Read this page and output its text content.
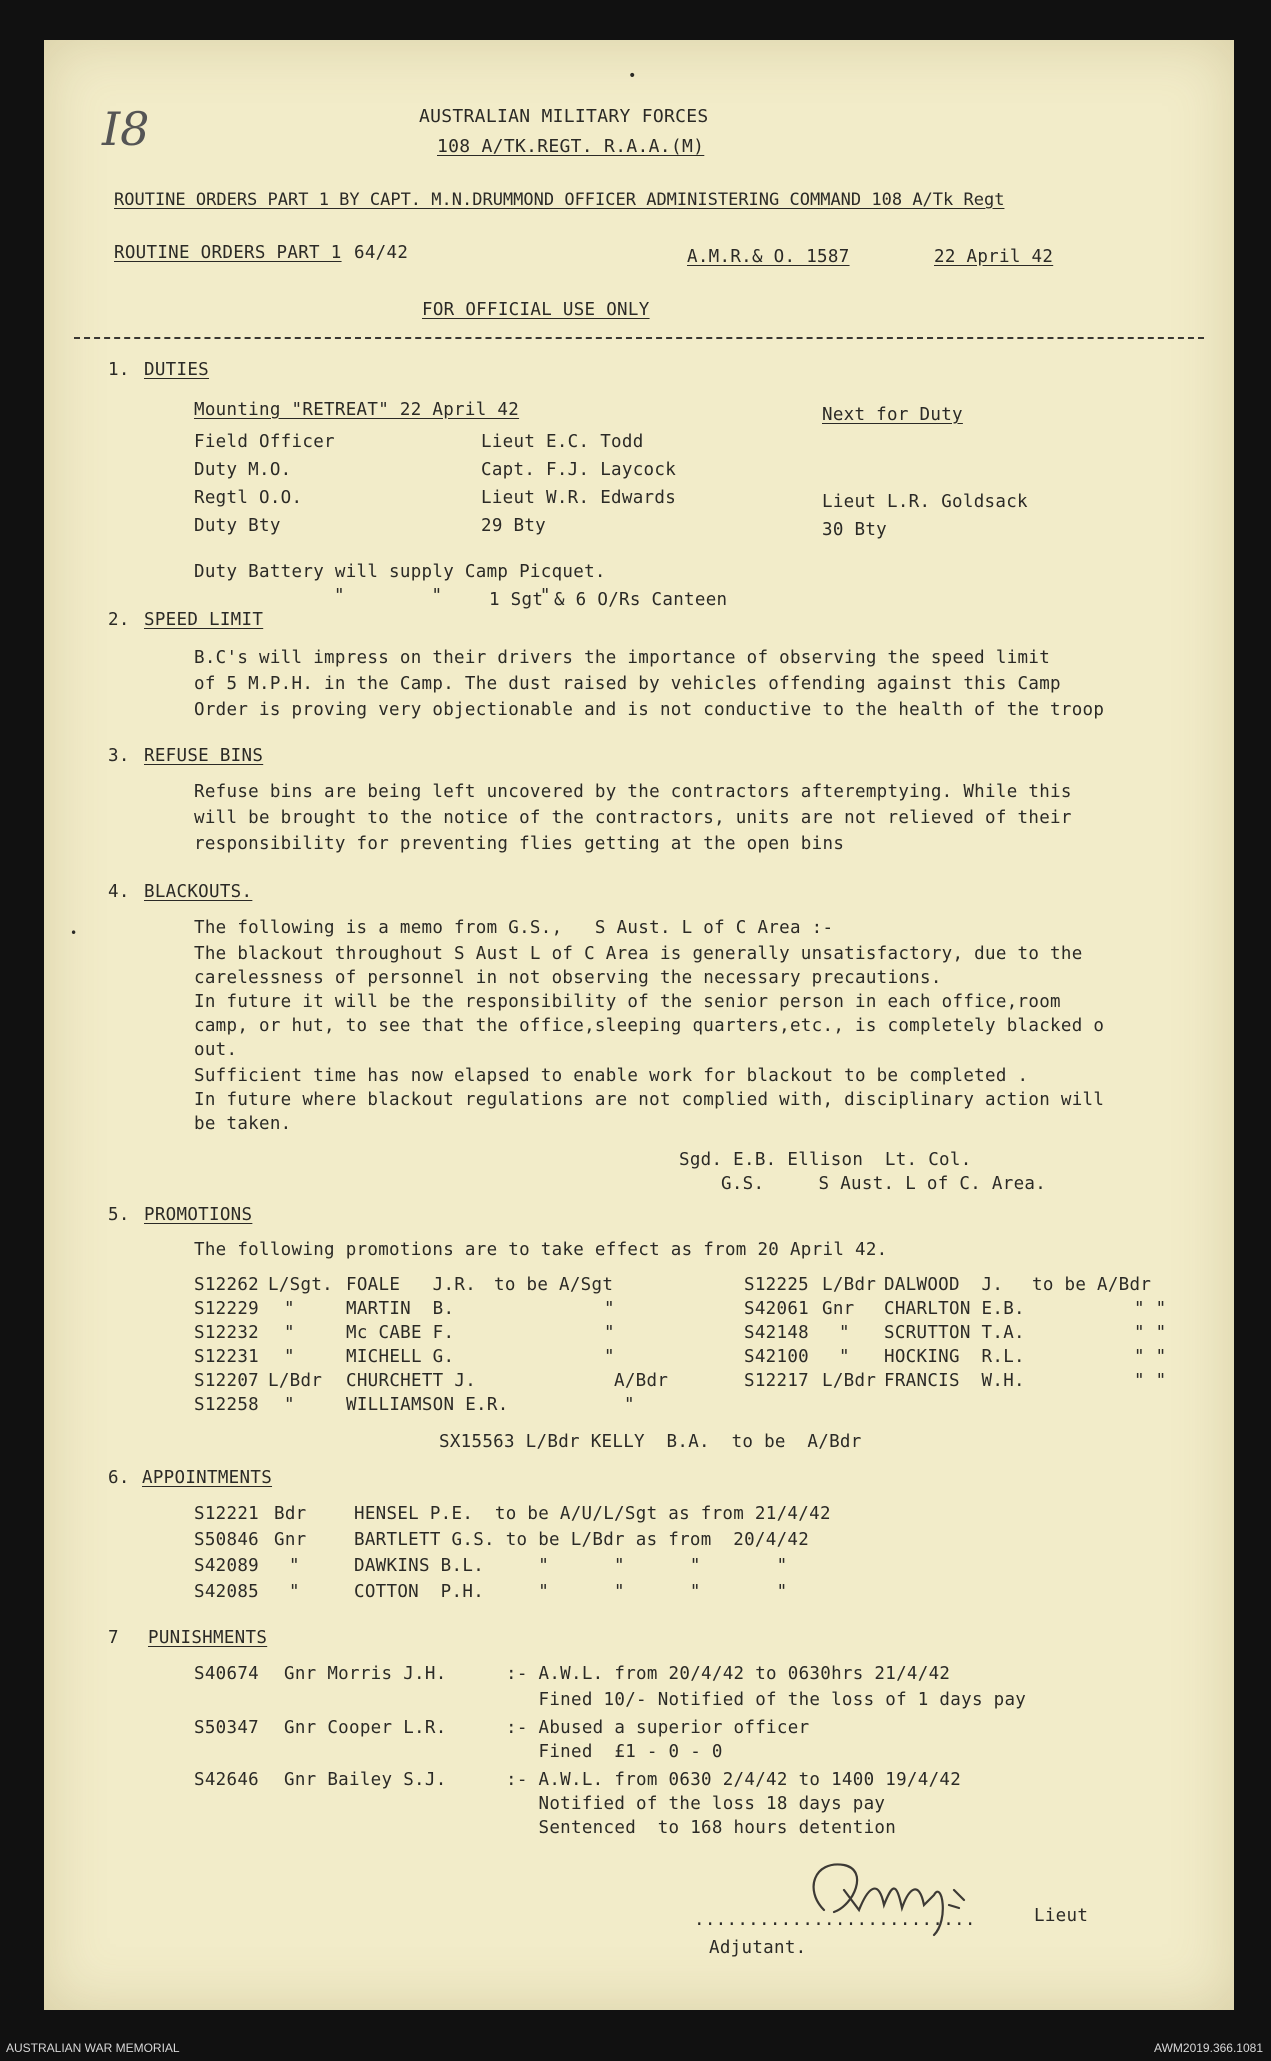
I8
•
AUSTRALIAN MILITARY FORCES
108 A/TK.REGT. R.A.A.(M)
ROUTINE ORDERS PART 1 BY CAPT. M.N.DRUMMOND OFFICER ADMINISTERING COMMAND 108 A/Tk Regt
ROUTINE ORDERS PART 1 64/42	A.M.R.& O. 1587	22 April 42
FOR OFFICIAL USE ONLY
1. DUTIES
Mounting "RETREAT" 22 April 42	Next for Duty
Field Officer	Lieut E.C. Todd
Duty M.O.	Capt. F.J. Laycock
Regtl O.O.	Lieut W.R. Edwards	Lieut L.R. Goldsack
Duty Bty	29 Bty	30 Bty
Duty Battery will supply Camp Picquet.
"        "         "
1 Sgt & 6 O/Rs Canteen
2. SPEED LIMIT
B.C's will impress on their drivers the importance of observing the speed limit
of 5 M.P.H. in the Camp. The dust raised by vehicles offending against this Camp
Order is proving very objectionable and is not conductive to the health of the troop
3. REFUSE BINS
Refuse bins are being left uncovered by the contractors afteremptying. While this
will be brought to the notice of the contractors, units are not relieved of their
responsibility for preventing flies getting at the open bins
4. BLACKOUTS.
•	The following is a memo from G.S.,   S Aust. L of C Area :-
The blackout throughout S Aust L of C Area is generally unsatisfactory, due to the
carelessness of personnel in not observing the necessary precautions.
In future it will be the responsibility of the senior person in each office,room
camp, or hut, to see that the office,sleeping quarters,etc., is completely blacked o
out.
Sufficient time has now elapsed to enable work for blackout to be completed .
In future where blackout regulations are not complied with, disciplinary action will
be taken.
Sgd. E.B. Ellison  Lt. Col.
G.S.     S Aust. L of C. Area.
5. PROMOTIONS
The following promotions are to take effect as from 20 April 42.
S12262 L/Sgt. FOALE   J.R. to be A/Sgt
S12229 "	MARTIN  B.	"
S12232 "	Mc CABE F.	"
S12231 "	MICHELL G.	"
S12207 L/Bdr CHURCHETT J.	A/Bdr
S12258 "	WILLIAMSON E.R.	"
S12225 L/Bdr DALWOOD  J. to be A/Bdr
S42061 Gnr CHARLTON E.B.	" "
S42148 " SCRUTTON T.A.	" "
S42100 " HOCKING  R.L.	" "
S12217 L/Bdr FRANCIS  W.H.	" "
SX15563 L/Bdr KELLY  B.A.  to be  A/Bdr
6. APPOINTMENTS
S12221 Bdr	HENSEL P.E.  to be A/U/L/Sgt as from 21/4/42
S50846 Gnr	BARTLETT G.S. to be L/Bdr as from  20/4/42
S42089 "	DAWKINS B.L.     "      "      "       "
S42085 "	COTTON  P.H.     "      "      "       "
7 PUNISHMENTS
S40674 Gnr Morris J.H.	:- A.W.L. from 20/4/42 to 0630hrs 21/4/42
Fined 10/- Notified of the loss of 1 days pay
S50347 Gnr Cooper L.R.	:- Abused a superior officer
Fined  £1 - 0 - 0
S42646 Gnr Bailey S.J.	:- A.W.L. from 0630 2/4/42 to 1400 19/4/42
Notified of the loss 18 days pay
Sentenced  to 168 hours detention
Staley
..........................	Lieut
Adjutant.
AUSTRALIAN WAR MEMORIAL	AWM2019.366.1081
